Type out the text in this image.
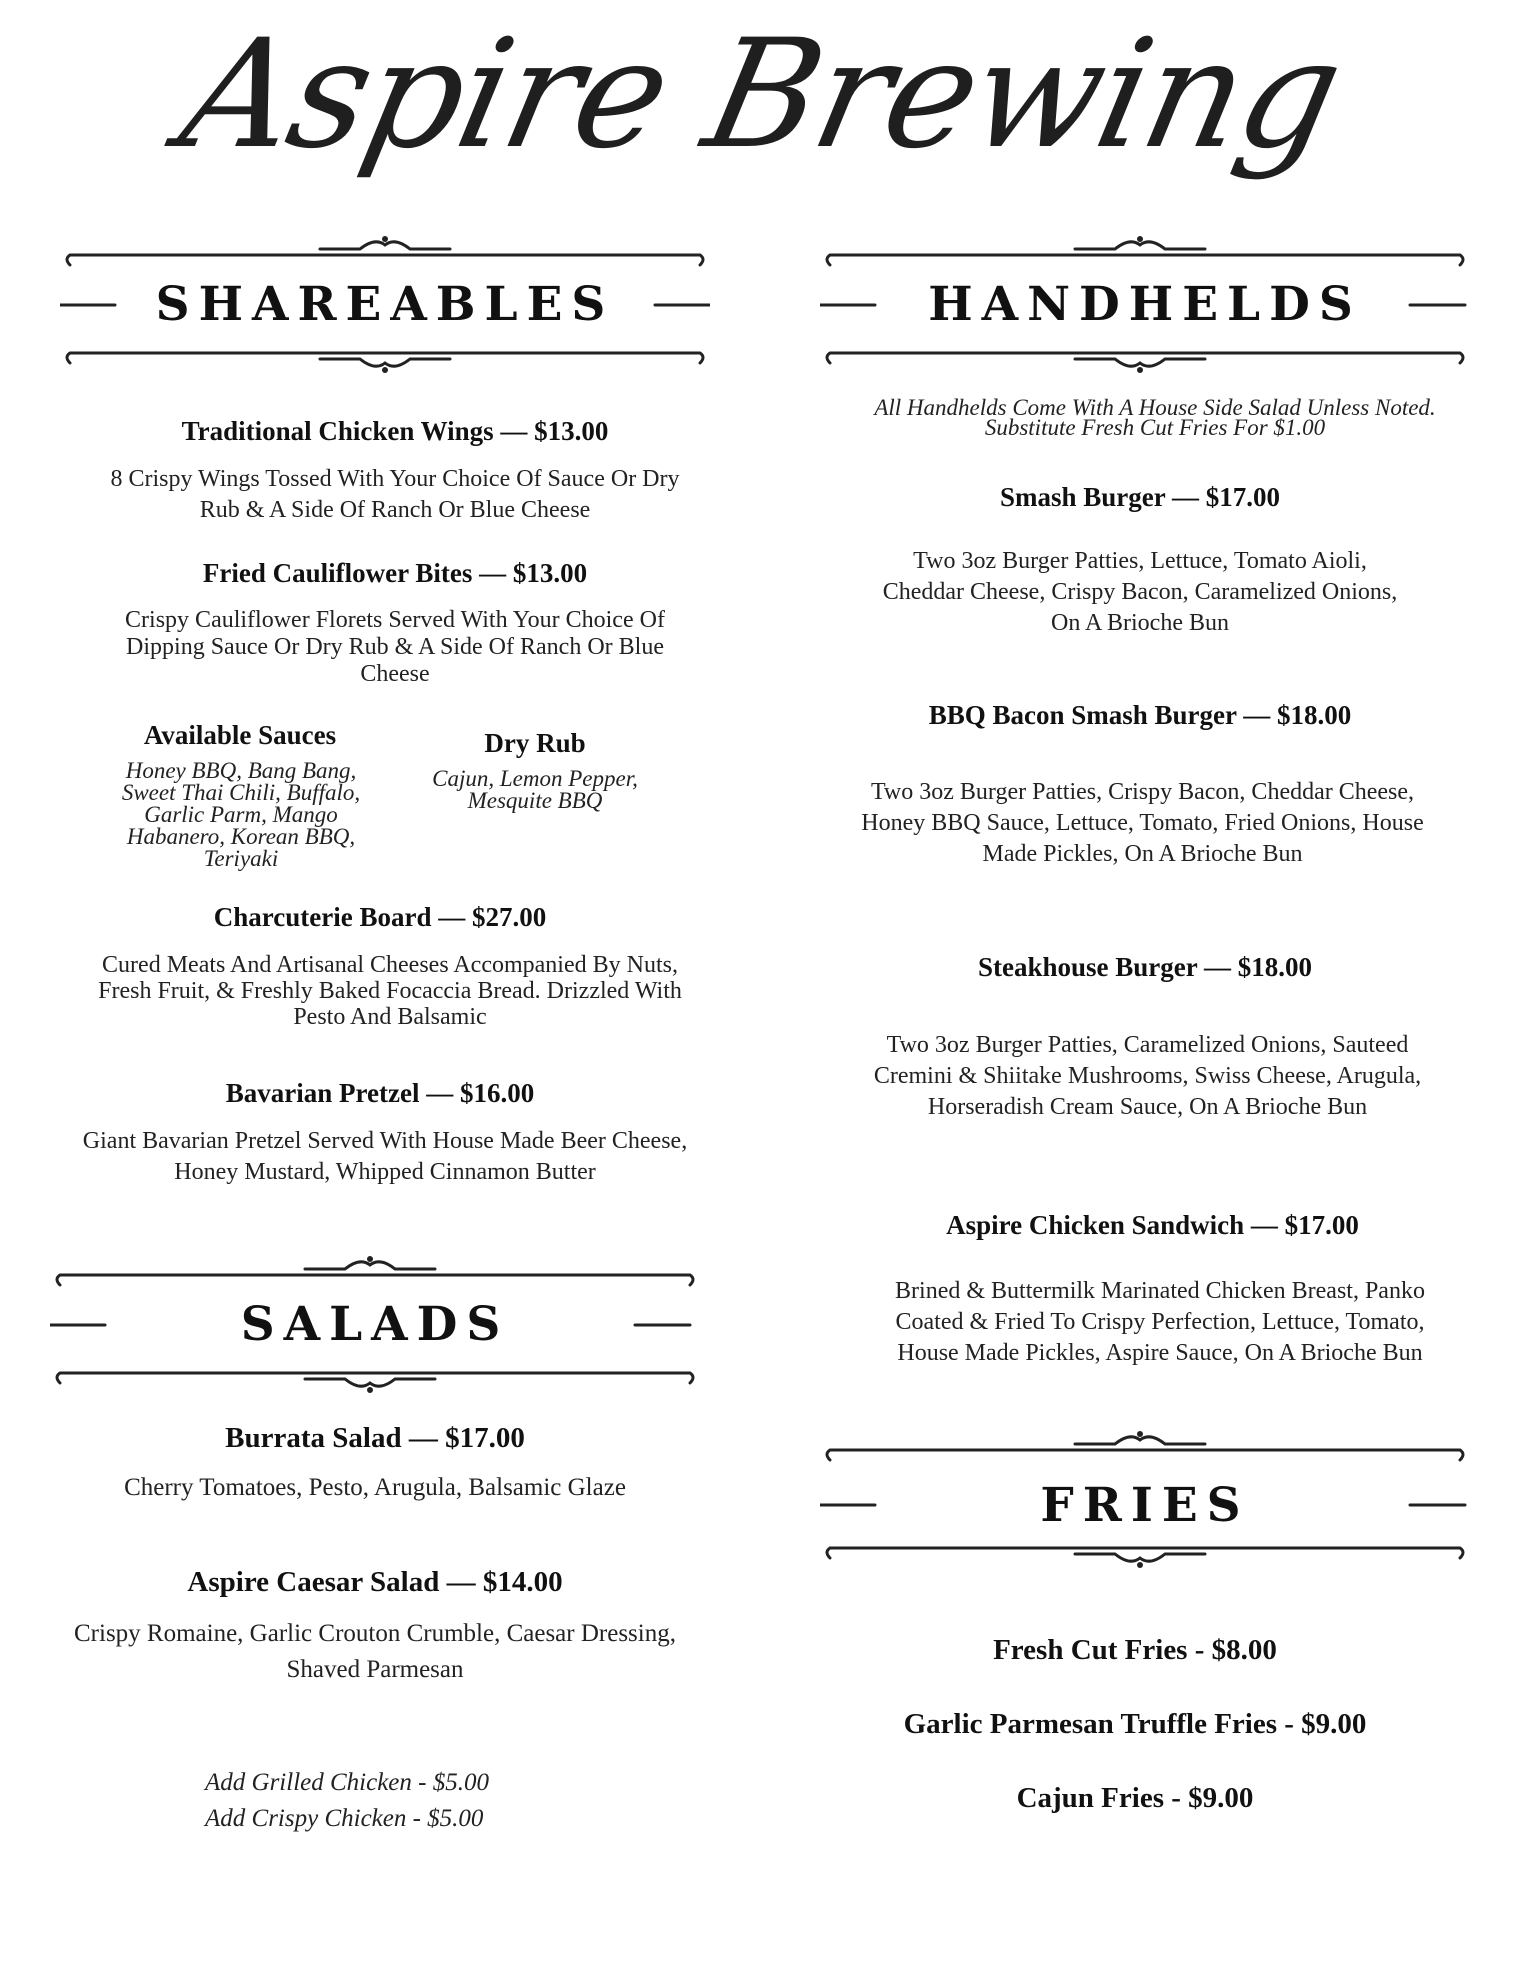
Aspire Brewing
SHAREABLES
Traditional Chicken Wings — $13.00
8 Crispy Wings Tossed With Your Choice Of Sauce Or Dry Rub & A Side Of Ranch Or Blue Cheese
Fried Cauliflower Bites — $13.00
Crispy Cauliflower Florets Served With Your Choice Of Dipping Sauce Or Dry Rub & A Side Of Ranch Or Blue Cheese
Available Sauces
Honey BBQ, Bang Bang, Sweet Thai Chili, Buffalo, Garlic Parm, Mango Habanero, Korean BBQ, Teriyaki
Dry Rub
Cajun, Lemon Pepper, Mesquite BBQ
Charcuterie Board — $27.00
Cured Meats And Artisanal Cheeses Accompanied By Nuts, Fresh Fruit, & Freshly Baked Focaccia Bread. Drizzled With Pesto And Balsamic
Bavarian Pretzel — $16.00
Giant Bavarian Pretzel Served With House Made Beer Cheese, Honey Mustard, Whipped Cinnamon Butter
SALADS
Burrata Salad — $17.00
Cherry Tomatoes, Pesto, Arugula, Balsamic Glaze
Aspire Caesar Salad — $14.00
Crispy Romaine, Garlic Crouton Crumble, Caesar Dressing, Shaved Parmesan
Add Grilled Chicken - $5.00
Add Crispy Chicken - $5.00
HANDHELDS
All Handhelds Come With A House Side Salad Unless Noted. Substitute Fresh Cut Fries For $1.00
Smash Burger — $17.00
Two 3oz Burger Patties, Lettuce, Tomato Aioli, Cheddar Cheese, Crispy Bacon, Caramelized Onions, On A Brioche Bun
BBQ Bacon Smash Burger — $18.00
Two 3oz Burger Patties, Crispy Bacon, Cheddar Cheese, Honey BBQ Sauce, Lettuce, Tomato, Fried Onions, House Made Pickles, On A Brioche Bun
Steakhouse Burger — $18.00
Two 3oz Burger Patties, Caramelized Onions, Sauteed Cremini & Shiitake Mushrooms, Swiss Cheese, Arugula, Horseradish Cream Sauce, On A Brioche Bun
Aspire Chicken Sandwich — $17.00
Brined & Buttermilk Marinated Chicken Breast, Panko Coated & Fried To Crispy Perfection, Lettuce, Tomato, House Made Pickles, Aspire Sauce, On A Brioche Bun
FRIES
Fresh Cut Fries - $8.00
Garlic Parmesan Truffle Fries - $9.00
Cajun Fries - $9.00
